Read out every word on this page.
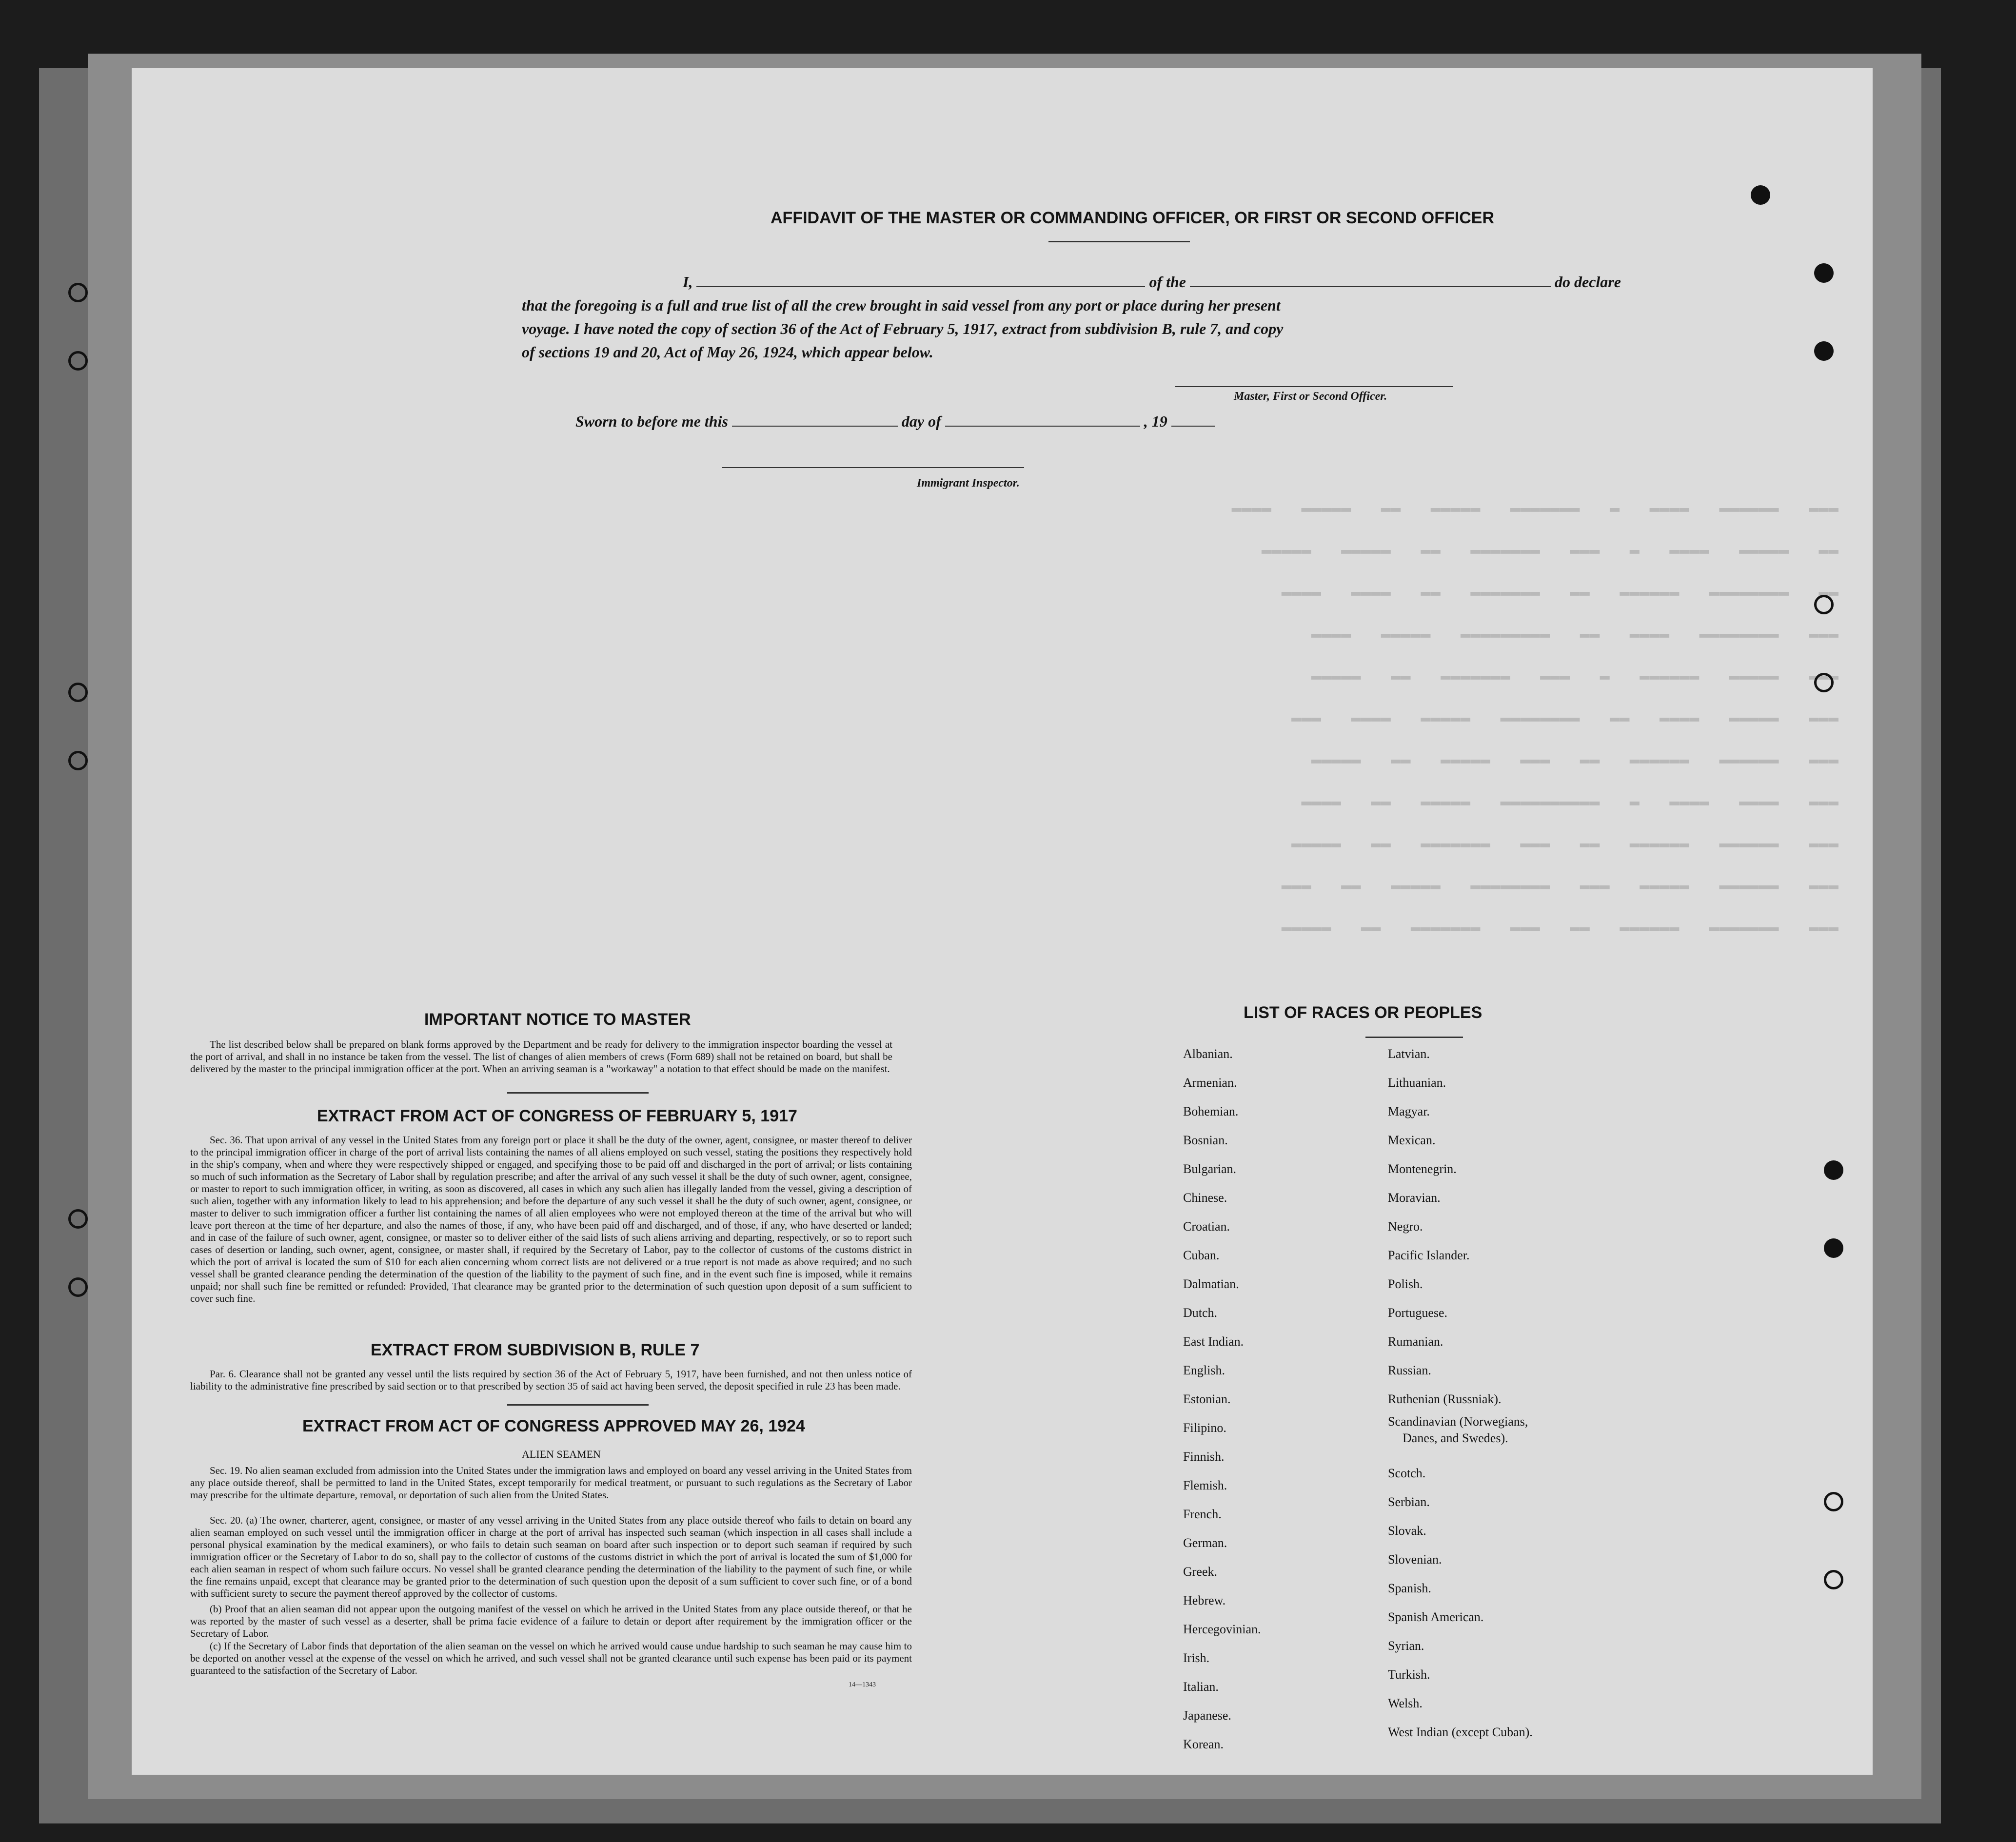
▬▬▬   ▬▬▬▬▬▬   ▬▬▬▬   ▬   ▬▬▬▬▬▬▬   ▬▬▬▬▬   ▬▬   ▬▬▬▬▬   ▬▬▬▬
▬▬   ▬▬▬▬▬   ▬▬▬▬   ▬   ▬▬▬   ▬▬▬▬▬▬▬   ▬▬   ▬▬▬▬▬   ▬▬▬▬▬
▬▬   ▬▬▬▬▬▬▬▬   ▬▬▬▬▬▬   ▬▬   ▬▬▬▬▬▬▬   ▬▬   ▬▬▬▬   ▬▬▬▬
▬▬▬   ▬▬▬▬▬▬▬▬   ▬▬▬▬   ▬▬   ▬▬▬▬▬▬▬▬▬   ▬▬▬▬▬   ▬▬▬▬
▬▬▬   ▬▬▬▬▬   ▬▬▬▬▬▬   ▬   ▬▬▬   ▬▬▬▬▬▬▬   ▬▬   ▬▬▬▬▬
▬▬▬   ▬▬▬▬▬   ▬▬▬▬   ▬▬   ▬▬▬▬▬▬▬▬   ▬▬▬▬▬   ▬▬▬▬   ▬▬▬
▬▬▬   ▬▬▬▬▬▬   ▬▬▬▬▬▬   ▬▬   ▬▬▬   ▬▬▬▬▬   ▬▬   ▬▬▬▬▬
▬▬▬   ▬▬▬▬   ▬▬▬▬   ▬   ▬▬▬▬▬▬▬▬▬▬   ▬▬▬▬▬   ▬▬   ▬▬▬▬
▬▬▬   ▬▬▬▬▬▬   ▬▬▬▬▬▬   ▬▬   ▬▬▬   ▬▬▬▬▬▬▬   ▬▬   ▬▬▬▬▬
▬▬▬   ▬▬▬▬▬▬   ▬▬▬▬▬   ▬▬▬   ▬▬▬▬▬▬▬▬   ▬▬▬▬▬   ▬▬   ▬▬▬
▬▬▬   ▬▬▬▬▬▬▬   ▬▬▬▬▬▬   ▬▬   ▬▬▬   ▬▬▬▬▬▬▬   ▬▬   ▬▬▬▬▬
AFFIDAVIT OF THE MASTER OR COMMANDING OFFICER, OR FIRST OR SECOND OFFICER
I,	of the	do declare
that the foregoing is a full and true list of all the crew brought in said vessel from any port or place during her present
voyage. I have noted the copy of section 36 of the Act of February 5, 1917, extract from subdivision B, rule 7, and copy
of sections 19 and 20, Act of May 26, 1924, which appear below.
Master, First or Second Officer.
Sworn to before me this	day of	, 19
Immigrant Inspector.
IMPORTANT NOTICE TO MASTER
The list described below shall be prepared on blank forms approved by the Department and be ready for delivery to the immigration inspector boarding the vessel at the port of arrival, and shall in no instance be taken from the vessel. The list of changes of alien members of crews (Form 689) shall not be retained on board, but shall be delivered by the master to the principal immigration officer at the port. When an arriving seaman is a "workaway" a notation to that effect should be made on the manifest.
EXTRACT FROM ACT OF CONGRESS OF FEBRUARY 5, 1917
Sec. 36. That upon arrival of any vessel in the United States from any foreign port or place it shall be the duty of the owner, agent, consignee, or master thereof to deliver to the principal immigration officer in charge of the port of arrival lists containing the names of all aliens employed on such vessel, stating the positions they respectively hold in the ship's company, when and where they were respectively shipped or engaged, and specifying those to be paid off and discharged in the port of arrival; or lists containing so much of such information as the Secretary of Labor shall by regulation prescribe; and after the arrival of any such vessel it shall be the duty of such owner, agent, consignee, or master to report to such immigration officer, in writing, as soon as discovered, all cases in which any such alien has illegally landed from the vessel, giving a description of such alien, together with any information likely to lead to his apprehension; and before the departure of any such vessel it shall be the duty of such owner, agent, consignee, or master to deliver to such immigration officer a further list containing the names of all alien employees who were not employed thereon at the time of the arrival but who will leave port thereon at the time of her departure, and also the names of those, if any, who have been paid off and discharged, and of those, if any, who have deserted or landed; and in case of the failure of such owner, agent, consignee, or master so to deliver either of the said lists of such aliens arriving and departing, respectively, or so to report such cases of desertion or landing, such owner, agent, consignee, or master shall, if required by the Secretary of Labor, pay to the collector of customs of the customs district in which the port of arrival is located the sum of $10 for each alien concerning whom correct lists are not delivered or a true report is not made as above required; and no such vessel shall be granted clearance pending the determination of the question of the liability to the payment of such fine, and in the event such fine is imposed, while it remains unpaid; nor shall such fine be remitted or refunded: Provided, That clearance may be granted prior to the determination of such question upon deposit of a sum sufficient to cover such fine.
EXTRACT FROM SUBDIVISION B, RULE 7
Par. 6. Clearance shall not be granted any vessel until the lists required by section 36 of the Act of February 5, 1917, have been furnished, and not then unless notice of liability to the administrative fine prescribed by said section or to that prescribed by section 35 of said act having been served, the deposit specified in rule 23 has been made.
EXTRACT FROM ACT OF CONGRESS APPROVED MAY 26, 1924
ALIEN SEAMEN
Sec. 19. No alien seaman excluded from admission into the United States under the immigration laws and employed on board any vessel arriving in the United States from any place outside thereof, shall be permitted to land in the United States, except temporarily for medical treatment, or pursuant to such regulations as the Secretary of Labor may prescribe for the ultimate departure, removal, or deportation of such alien from the United States.
Sec. 20. (a) The owner, charterer, agent, consignee, or master of any vessel arriving in the United States from any place outside thereof who fails to detain on board any alien seaman employed on such vessel until the immigration officer in charge at the port of arrival has inspected such seaman (which inspection in all cases shall include a personal physical examination by the medical examiners), or who fails to detain such seaman on board after such inspection or to deport such seaman if required by such immigration officer or the Secretary of Labor to do so, shall pay to the collector of customs of the customs district in which the port of arrival is located the sum of $1,000 for each alien seaman in respect of whom such failure occurs. No vessel shall be granted clearance pending the determination of the liability to the payment of such fine, or while the fine remains unpaid, except that clearance may be granted prior to the determination of such question upon the deposit of a sum sufficient to cover such fine, or of a bond with sufficient surety to secure the payment thereof approved by the collector of customs.
(b) Proof that an alien seaman did not appear upon the outgoing manifest of the vessel on which he arrived in the United States from any place outside thereof, or that he was reported by the master of such vessel as a deserter, shall be prima facie evidence of a failure to detain or deport after requirement by the immigration officer or the Secretary of Labor.
(c) If the Secretary of Labor finds that deportation of the alien seaman on the vessel on which he arrived would cause undue hardship to such seaman he may cause him to be deported on another vessel at the expense of the vessel on which he arrived, and such vessel shall not be granted clearance until such expense has been paid or its payment guaranteed to the satisfaction of the Secretary of Labor.
14—1343
LIST OF RACES OR PEOPLES
Albanian.
Armenian.
Bohemian.
Bosnian.
Bulgarian.
Chinese.
Croatian.
Cuban.
Dalmatian.
Dutch.
East Indian.
English.
Estonian.
Filipino.
Finnish.
Flemish.
French.
German.
Greek.
Hebrew.
Hercegovinian.
Irish.
Italian.
Japanese.
Korean.
Latvian.
Lithuanian.
Magyar.
Mexican.
Montenegrin.
Moravian.
Negro.
Pacific Islander.
Polish.
Portuguese.
Rumanian.
Russian.
Ruthenian (Russniak).
Scandinavian (Norwegians,
Danes, and Swedes).
Scotch.
Serbian.
Slovak.
Slovenian.
Spanish.
Spanish American.
Syrian.
Turkish.
Welsh.
West Indian (except Cuban).
